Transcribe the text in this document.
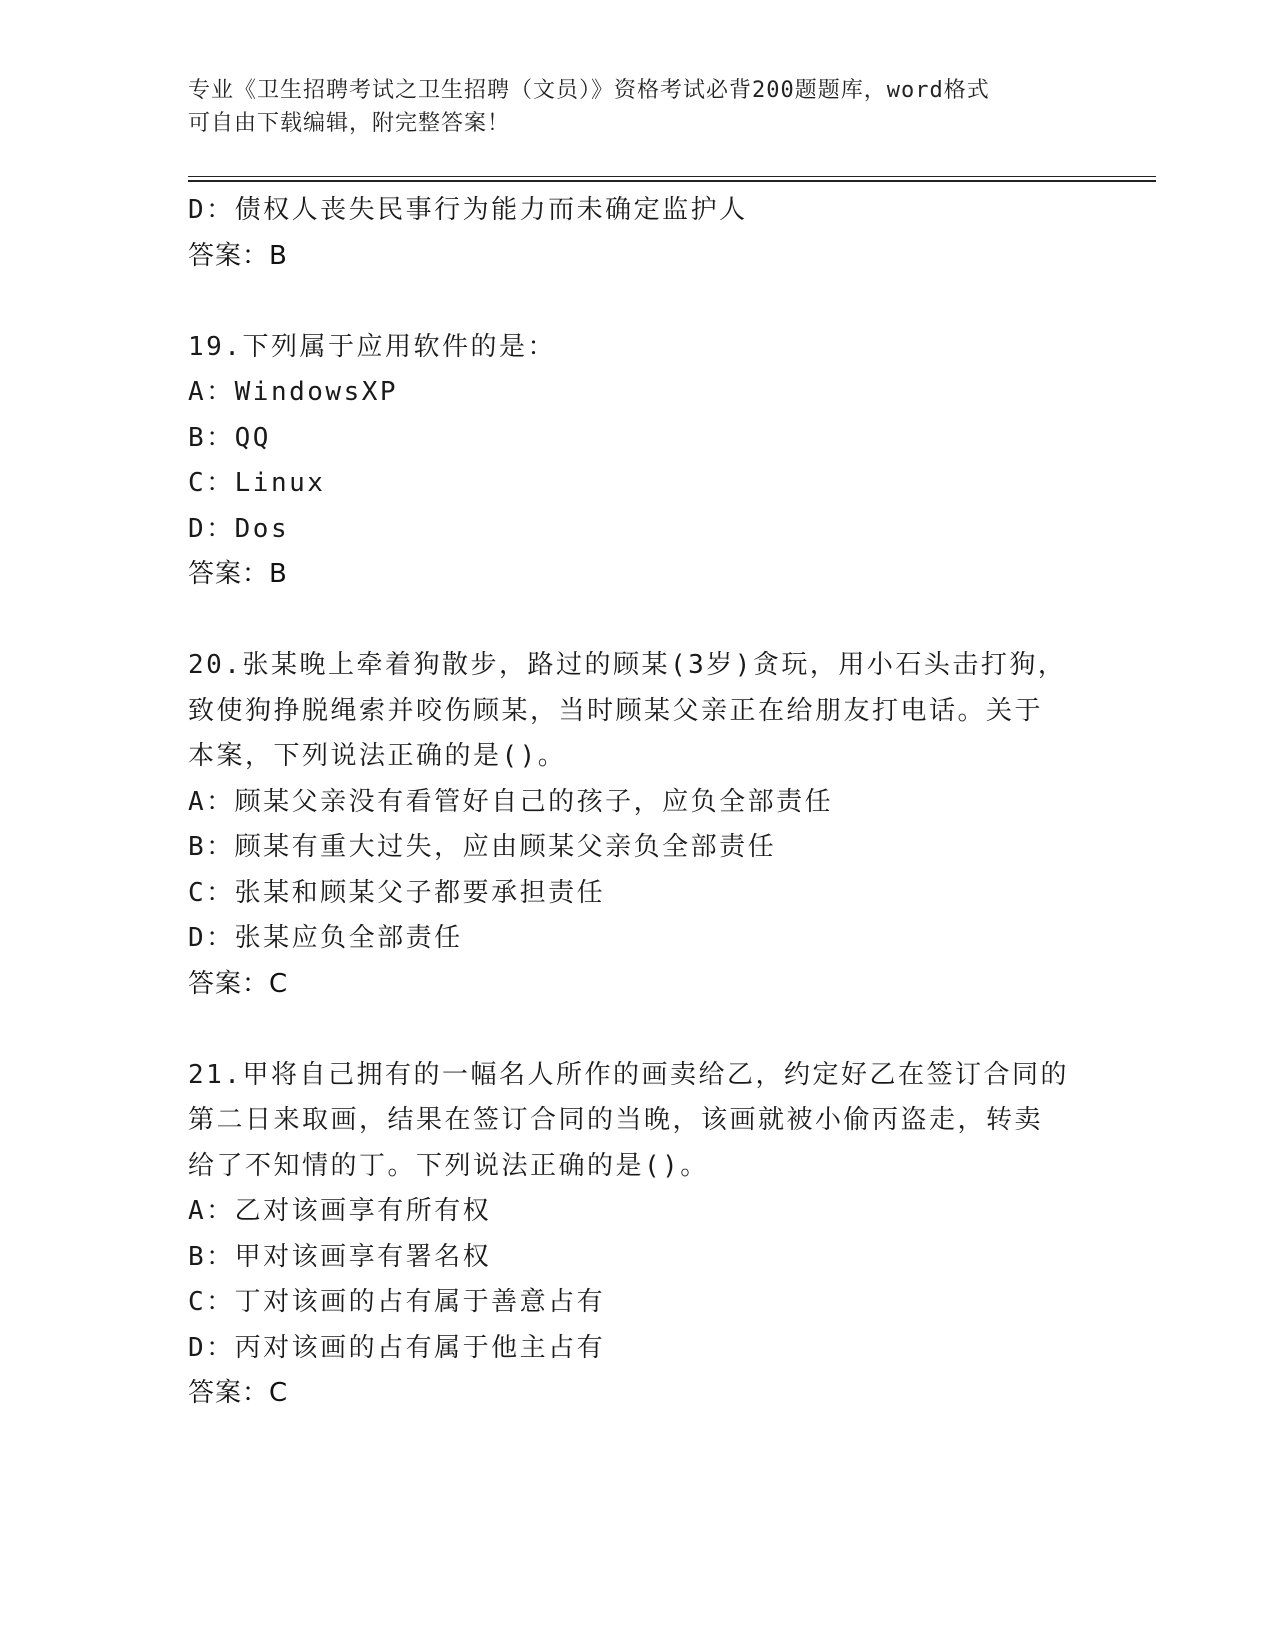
专业《卫生招聘考试之卫生招聘（文员）》资格考试必背200题题库，word格式
可自由下载编辑，附完整答案！
D：债权人丧失民事行为能力而未确定监护人
答案：B
19.下列属于应用软件的是：
A：WindowsXP
B：QQ
C：Linux
D：Dos
答案：B
20.张某晚上牵着狗散步，路过的顾某(3岁)贪玩，用小石头击打狗，
致使狗挣脱绳索并咬伤顾某，当时顾某父亲正在给朋友打电话。关于
本案，下列说法正确的是()。
A：顾某父亲没有看管好自己的孩子，应负全部责任
B：顾某有重大过失，应由顾某父亲负全部责任
C：张某和顾某父子都要承担责任
D：张某应负全部责任
答案：C
21.甲将自己拥有的一幅名人所作的画卖给乙，约定好乙在签订合同的
第二日来取画，结果在签订合同的当晚，该画就被小偷丙盗走，转卖
给了不知情的丁。下列说法正确的是()。
A：乙对该画享有所有权
B：甲对该画享有署名权
C：丁对该画的占有属于善意占有
D：丙对该画的占有属于他主占有
答案：C
